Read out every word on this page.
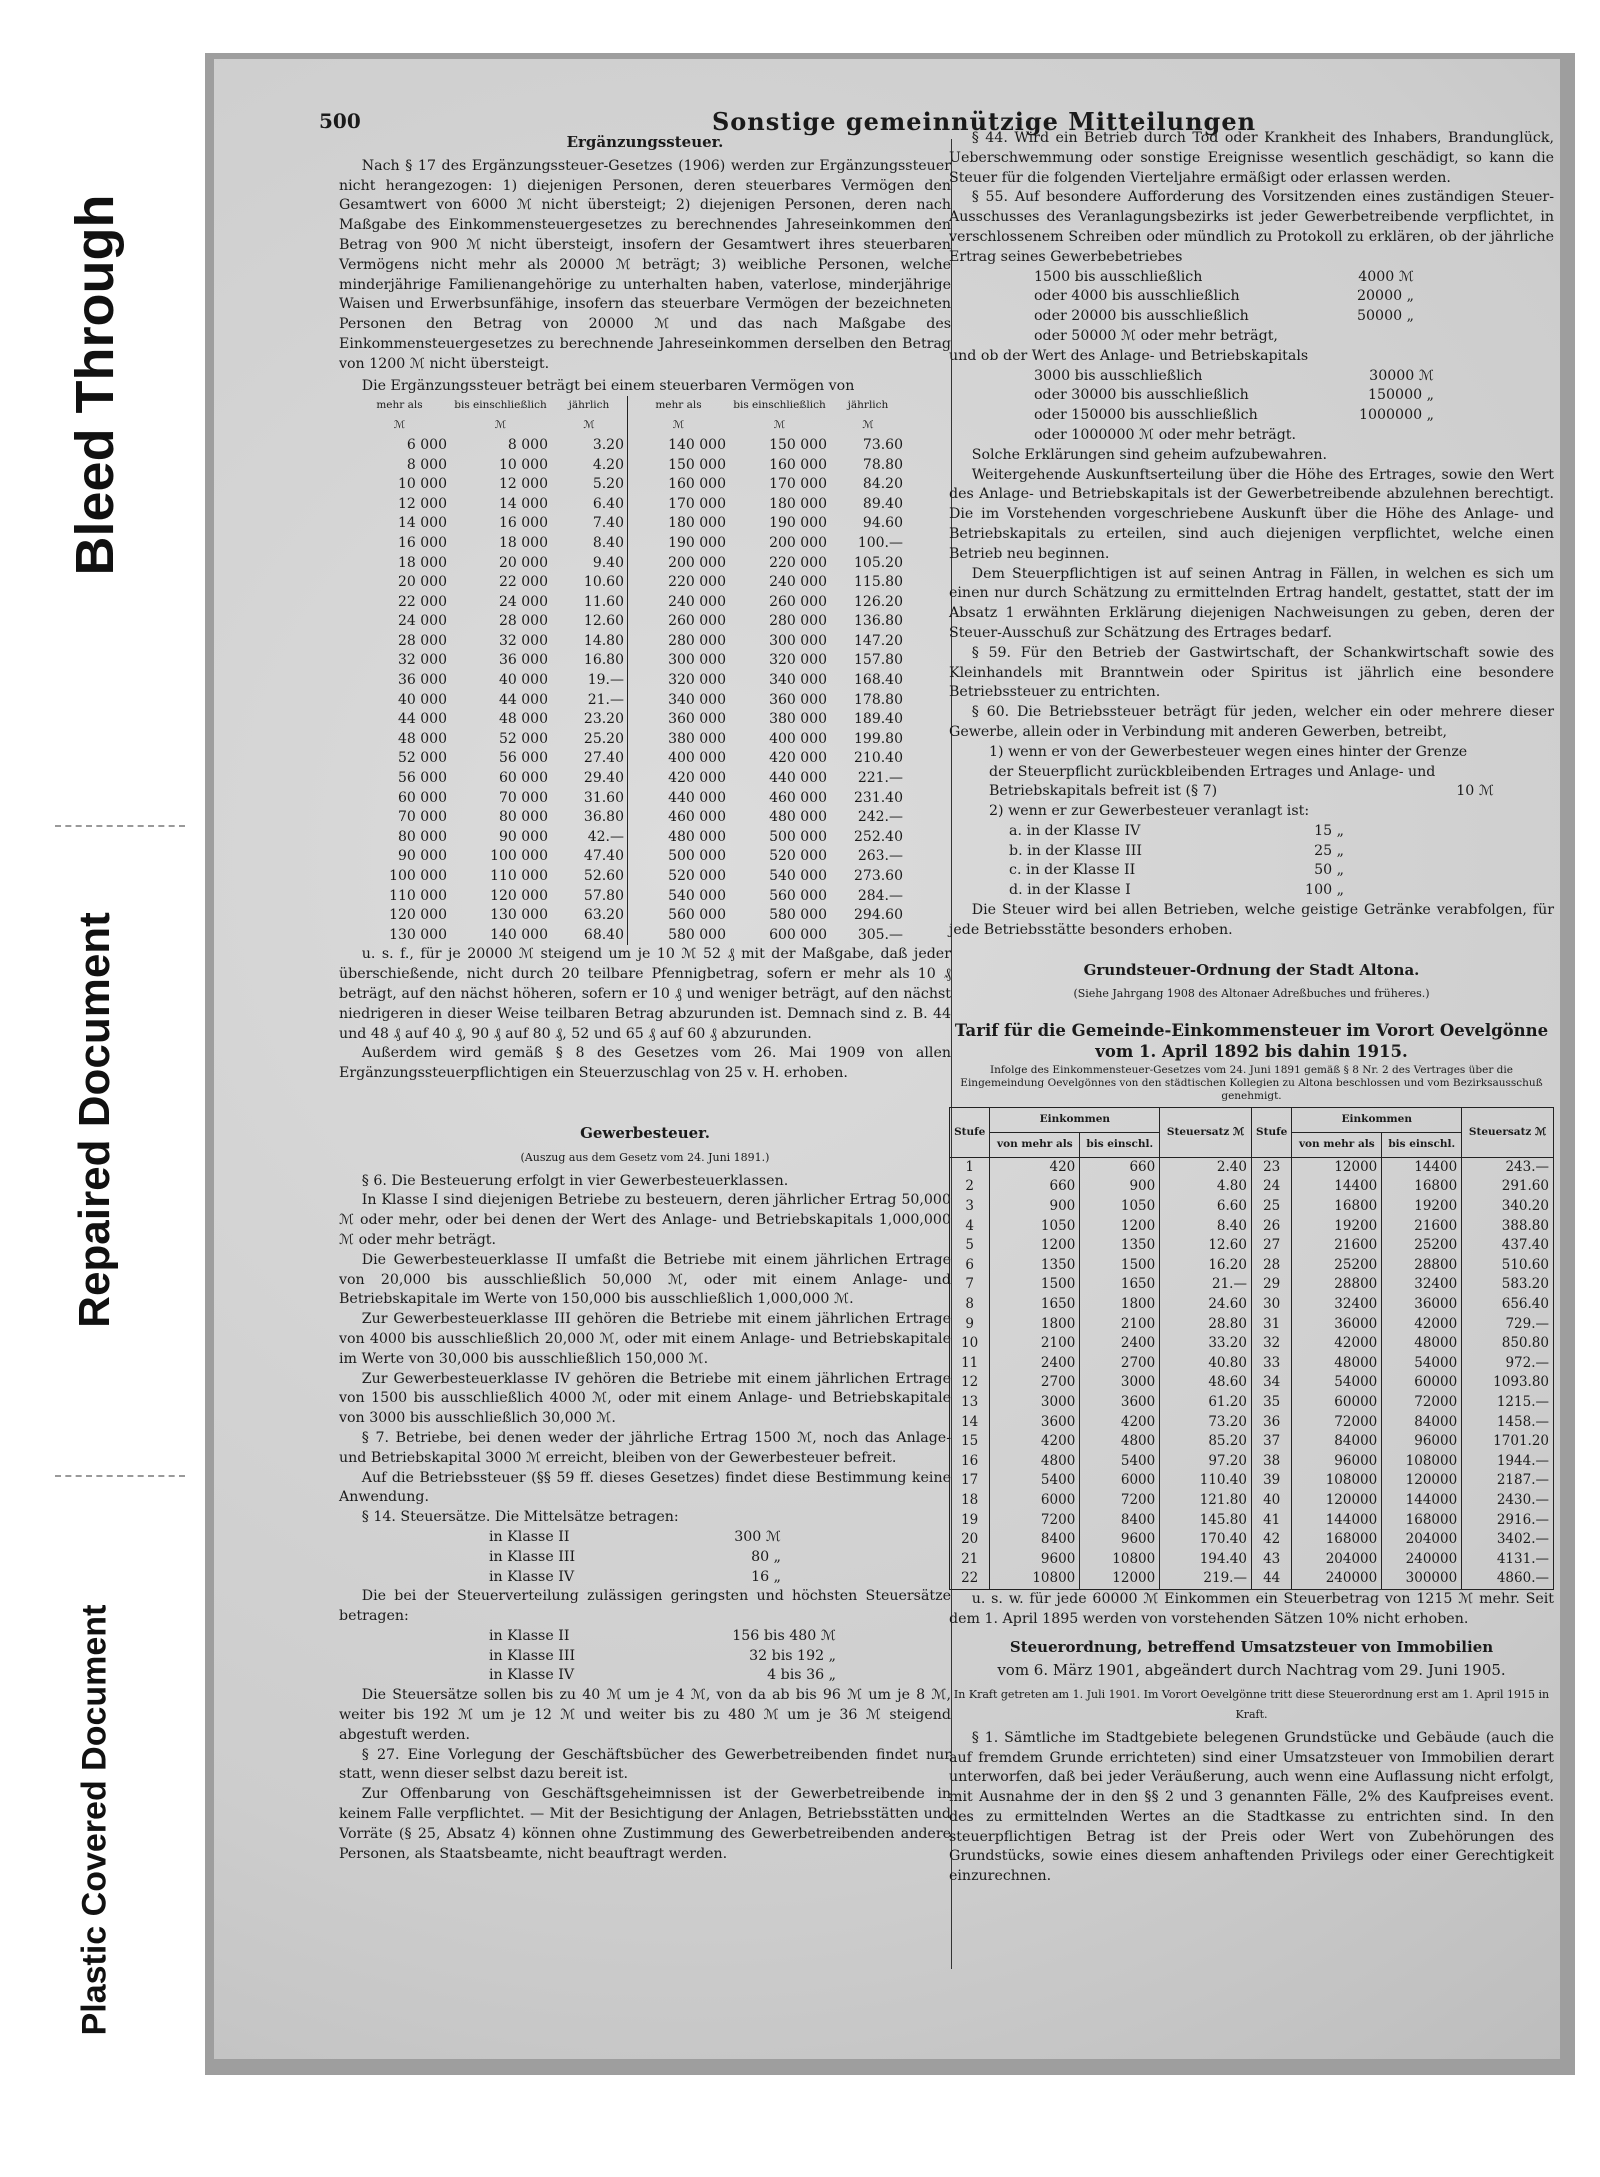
Bleed Through
Repaired Document
Plastic Covered Document
500	Sonstige gemeinnützige Mitteilungen
Ergänzungssteuer.

Nach § 17 des Ergänzungssteuer-Gesetzes (1906) werden zur Ergänzungssteuer nicht herangezogen: 1) diejenigen Personen, deren steuerbares Vermögen den Gesamtwert von 6000 ℳ nicht übersteigt; 2) diejenigen Personen, deren nach Maßgabe des Einkommensteuergesetzes zu berechnendes Jahreseinkommen den Betrag von 900 ℳ nicht übersteigt, insofern der Gesamtwert ihres steuerbaren Vermögens nicht mehr als 20000 ℳ beträgt; 3) weibliche Personen, welche minderjährige Familienangehörige zu unterhalten haben, vaterlose, minderjährige Waisen und Erwerbsunfähige, insofern das steuerbare Vermögen der bezeichneten Personen den Betrag von 20000 ℳ und das nach Maßgabe des Einkommensteuergesetzes zu berechnende Jahreseinkommen derselben den Betrag von 1200 ℳ nicht übersteigt.

Die Ergänzungssteuer beträgt bei einem steuerbaren Vermögen von

mehr als	bis einschließlich	jährlich	mehr als	bis einschließlich	jährlich
ℳ	ℳ	ℳ	ℳ	ℳ	ℳ
6 000	8 000	3.20	140 000	150 000	73.60
8 000	10 000	4.20	150 000	160 000	78.80
10 000	12 000	5.20	160 000	170 000	84.20
12 000	14 000	6.40	170 000	180 000	89.40
14 000	16 000	7.40	180 000	190 000	94.60
16 000	18 000	8.40	190 000	200 000	100.—
18 000	20 000	9.40	200 000	220 000	105.20
20 000	22 000	10.60	220 000	240 000	115.80
22 000	24 000	11.60	240 000	260 000	126.20
24 000	28 000	12.60	260 000	280 000	136.80
28 000	32 000	14.80	280 000	300 000	147.20
32 000	36 000	16.80	300 000	320 000	157.80
36 000	40 000	19.—	320 000	340 000	168.40
40 000	44 000	21.—	340 000	360 000	178.80
44 000	48 000	23.20	360 000	380 000	189.40
48 000	52 000	25.20	380 000	400 000	199.80
52 000	56 000	27.40	400 000	420 000	210.40
56 000	60 000	29.40	420 000	440 000	221.—
60 000	70 000	31.60	440 000	460 000	231.40
70 000	80 000	36.80	460 000	480 000	242.—
80 000	90 000	42.—	480 000	500 000	252.40
90 000	100 000	47.40	500 000	520 000	263.—
100 000	110 000	52.60	520 000	540 000	273.60
110 000	120 000	57.80	540 000	560 000	284.—
120 000	130 000	63.20	560 000	580 000	294.60
130 000	140 000	68.40	580 000	600 000	305.—

u. s. f., für je 20000 ℳ steigend um je 10 ℳ 52 ₰ mit der Maßgabe, daß jeder überschießende, nicht durch 20 teilbare Pfennigbetrag, sofern er mehr als 10 ₰ beträgt, auf den nächst höheren, sofern er 10 ₰ und weniger beträgt, auf den nächst niedrigeren in dieser Weise teilbaren Betrag abzurunden ist. Demnach sind z. B. 44 und 48 ₰ auf 40 ₰, 90 ₰ auf 80 ₰, 52 und 65 ₰ auf 60 ₰ abzurunden.

Außerdem wird gemäß § 8 des Gesetzes vom 26. Mai 1909 von allen Ergänzungssteuerpflichtigen ein Steuerzuschlag von 25 v. H. erhoben.

Gewerbesteuer.
(Auszug aus dem Gesetz vom 24. Juni 1891.)

§ 6. Die Besteuerung erfolgt in vier Gewerbesteuerklassen.

In Klasse I sind diejenigen Betriebe zu besteuern, deren jährlicher Ertrag 50,000 ℳ oder mehr, oder bei denen der Wert des Anlage- und Betriebskapitals 1,000,000 ℳ oder mehr beträgt.

Die Gewerbesteuerklasse II umfaßt die Betriebe mit einem jährlichen Ertrage von 20,000 bis ausschließlich 50,000 ℳ, oder mit einem Anlage- und Betriebskapitale im Werte von 150,000 bis ausschließlich 1,000,000 ℳ.

Zur Gewerbesteuerklasse III gehören die Betriebe mit einem jährlichen Ertrage von 4000 bis ausschließlich 20,000 ℳ, oder mit einem Anlage- und Betriebskapitale im Werte von 30,000 bis ausschließlich 150,000 ℳ.

Zur Gewerbesteuerklasse IV gehören die Betriebe mit einem jährlichen Ertrage von 1500 bis ausschließlich 4000 ℳ, oder mit einem Anlage- und Betriebskapitale von 3000 bis ausschließlich 30,000 ℳ.

§ 7. Betriebe, bei denen weder der jährliche Ertrag 1500 ℳ, noch das Anlage- und Betriebskapital 3000 ℳ erreicht, bleiben von der Gewerbesteuer befreit.

Auf die Betriebssteuer (§§ 59 ff. dieses Gesetzes) findet diese Bestimmung keine Anwendung.

§ 14. Steuersätze. Die Mittelsätze betragen:

in Klasse II	300 ℳ
in Klasse III	80 „
in Klasse IV	16 „

Die bei der Steuerverteilung zulässigen geringsten und höchsten Steuersätze betragen:

in Klasse II	156 bis 480 ℳ
in Klasse III	32 bis 192 „
in Klasse IV	4 bis 36 „

Die Steuersätze sollen bis zu 40 ℳ um je 4 ℳ, von da ab bis 96 ℳ um je 8 ℳ, weiter bis 192 ℳ um je 12 ℳ und weiter bis zu 480 ℳ um je 36 ℳ steigend abgestuft werden.

§ 27. Eine Vorlegung der Geschäftsbücher des Gewerbetreibenden findet nur statt, wenn dieser selbst dazu bereit ist.

Zur Offenbarung von Geschäftsgeheimnissen ist der Gewerbetreibende in keinem Falle verpflichtet. — Mit der Besichtigung der Anlagen, Betriebsstätten und Vorräte (§ 25, Absatz 4) können ohne Zustimmung des Gewerbetreibenden andere Personen, als Staatsbeamte, nicht beauftragt werden.

§ 44. Wird ein Betrieb durch Tod oder Krankheit des Inhabers, Brandunglück, Ueberschwemmung oder sonstige Ereignisse wesentlich geschädigt, so kann die Steuer für die folgenden Vierteljahre ermäßigt oder erlassen werden.

§ 55. Auf besondere Aufforderung des Vorsitzenden eines zuständigen Steuer-Ausschusses des Veranlagungsbezirks ist jeder Gewerbetreibende verpflichtet, in verschlossenem Schreiben oder mündlich zu Protokoll zu erklären, ob der jährliche Ertrag seines Gewerbebetriebes

1500 bis ausschließlich	4000 ℳ
oder 4000 bis ausschließlich	20000 „
oder 20000 bis ausschließlich	50000 „
oder 50000 ℳ oder mehr beträgt,

und ob der Wert des Anlage- und Betriebskapitals

3000 bis ausschließlich	30000 ℳ
oder 30000 bis ausschließlich	150000 „
oder 150000 bis ausschließlich	1000000 „
oder 1000000 ℳ oder mehr beträgt.

Solche Erklärungen sind geheim aufzubewahren.

Weitergehende Auskunftserteilung über die Höhe des Ertrages, sowie den Wert des Anlage- und Betriebskapitals ist der Gewerbetreibende abzulehnen berechtigt. Die im Vorstehenden vorgeschriebene Auskunft über die Höhe des Anlage- und Betriebskapitals zu erteilen, sind auch diejenigen verpflichtet, welche einen Betrieb neu beginnen.

Dem Steuerpflichtigen ist auf seinen Antrag in Fällen, in welchen es sich um einen nur durch Schätzung zu ermittelnden Ertrag handelt, gestattet, statt der im Absatz 1 erwähnten Erklärung diejenigen Nachweisungen zu geben, deren der Steuer-Ausschuß zur Schätzung des Ertrages bedarf.

§ 59. Für den Betrieb der Gastwirtschaft, der Schankwirtschaft sowie des Kleinhandels mit Branntwein oder Spiritus ist jährlich eine besondere Betriebssteuer zu entrichten.

§ 60. Die Betriebssteuer beträgt für jeden, welcher ein oder mehrere dieser Gewerbe, allein oder in Verbindung mit anderen Gewerben, betreibt,

1) wenn er von der Gewerbesteuer wegen eines hinter der Grenze der Steuerpflicht zurückbleibenden Ertrages und Anlage- und Betriebskapitals befreit ist (§ 7)	10 ℳ
2) wenn er zur Gewerbesteuer veranlagt ist:
a. in der Klasse IV	15 „
b. in der Klasse III	25 „
c. in der Klasse II	50 „
d. in der Klasse I	100 „

Die Steuer wird bei allen Betrieben, welche geistige Getränke verabfolgen, für jede Betriebsstätte besonders erhoben.

Grundsteuer-Ordnung der Stadt Altona.
(Siehe Jahrgang 1908 des Altonaer Adreßbuches und früheres.)
Tarif für die Gemeinde-Einkommensteuer im Vorort Oevelgönne vom 1. April 1892 bis dahin 1915.
Infolge des Einkommensteuer-Gesetzes vom 24. Juni 1891 gemäß § 8 Nr. 2 des Vertrages über die Eingemeindung Oevelgönnes von den städtischen Kollegien zu Altona beschlossen und vom Bezirksausschuß genehmigt.
Stufe	Einkommen		Steuersatz ℳ	Stufe	Einkommen		Steuersatz ℳ
	von mehr als	bis einschl.			von mehr als	bis einschl.	
1	420	660	2.40	23	12000	14400	243.—
2	660	900	4.80	24	14400	16800	291.60
3	900	1050	6.60	25	16800	19200	340.20
4	1050	1200	8.40	26	19200	21600	388.80
5	1200	1350	12.60	27	21600	25200	437.40
6	1350	1500	16.20	28	25200	28800	510.60
7	1500	1650	21.—	29	28800	32400	583.20
8	1650	1800	24.60	30	32400	36000	656.40
9	1800	2100	28.80	31	36000	42000	729.—
10	2100	2400	33.20	32	42000	48000	850.80
11	2400	2700	40.80	33	48000	54000	972.—
12	2700	3000	48.60	34	54000	60000	1093.80
13	3000	3600	61.20	35	60000	72000	1215.—
14	3600	4200	73.20	36	72000	84000	1458.—
15	4200	4800	85.20	37	84000	96000	1701.20
16	4800	5400	97.20	38	96000	108000	1944.—
17	5400	6000	110.40	39	108000	120000	2187.—
18	6000	7200	121.80	40	120000	144000	2430.—
19	7200	8400	145.80	41	144000	168000	2916.—
20	8400	9600	170.40	42	168000	204000	3402.—
21	9600	10800	194.40	43	204000	240000	4131.—
22	10800	12000	219.—	44	240000	300000	4860.—

u. s. w. für jede 60000 ℳ Einkommen ein Steuerbetrag von 1215 ℳ mehr. Seit dem 1. April 1895 werden von vorstehenden Sätzen 10% nicht erhoben.

Steuerordnung, betreffend Umsatzsteuer von Immobilien
vom 6. März 1901, abgeändert durch Nachtrag vom 29. Juni 1905.
In Kraft getreten am 1. Juli 1901. Im Vorort Oevelgönne tritt diese Steuerordnung erst am 1. April 1915 in Kraft.

§ 1. Sämtliche im Stadtgebiete belegenen Grundstücke und Gebäude (auch die auf fremdem Grunde errichteten) sind einer Umsatzsteuer von Immobilien derart unterworfen, daß bei jeder Veräußerung, auch wenn eine Auflassung nicht erfolgt, mit Ausnahme der in den §§ 2 und 3 genannten Fälle, 2% des Kaufpreises event. des zu ermittelnden Wertes an die Stadtkasse zu entrichten sind. In den steuerpflichtigen Betrag ist der Preis oder Wert von Zubehörungen des Grundstücks, sowie eines diesem anhaftenden Privilegs oder einer Gerechtigkeit einzurechnen.
